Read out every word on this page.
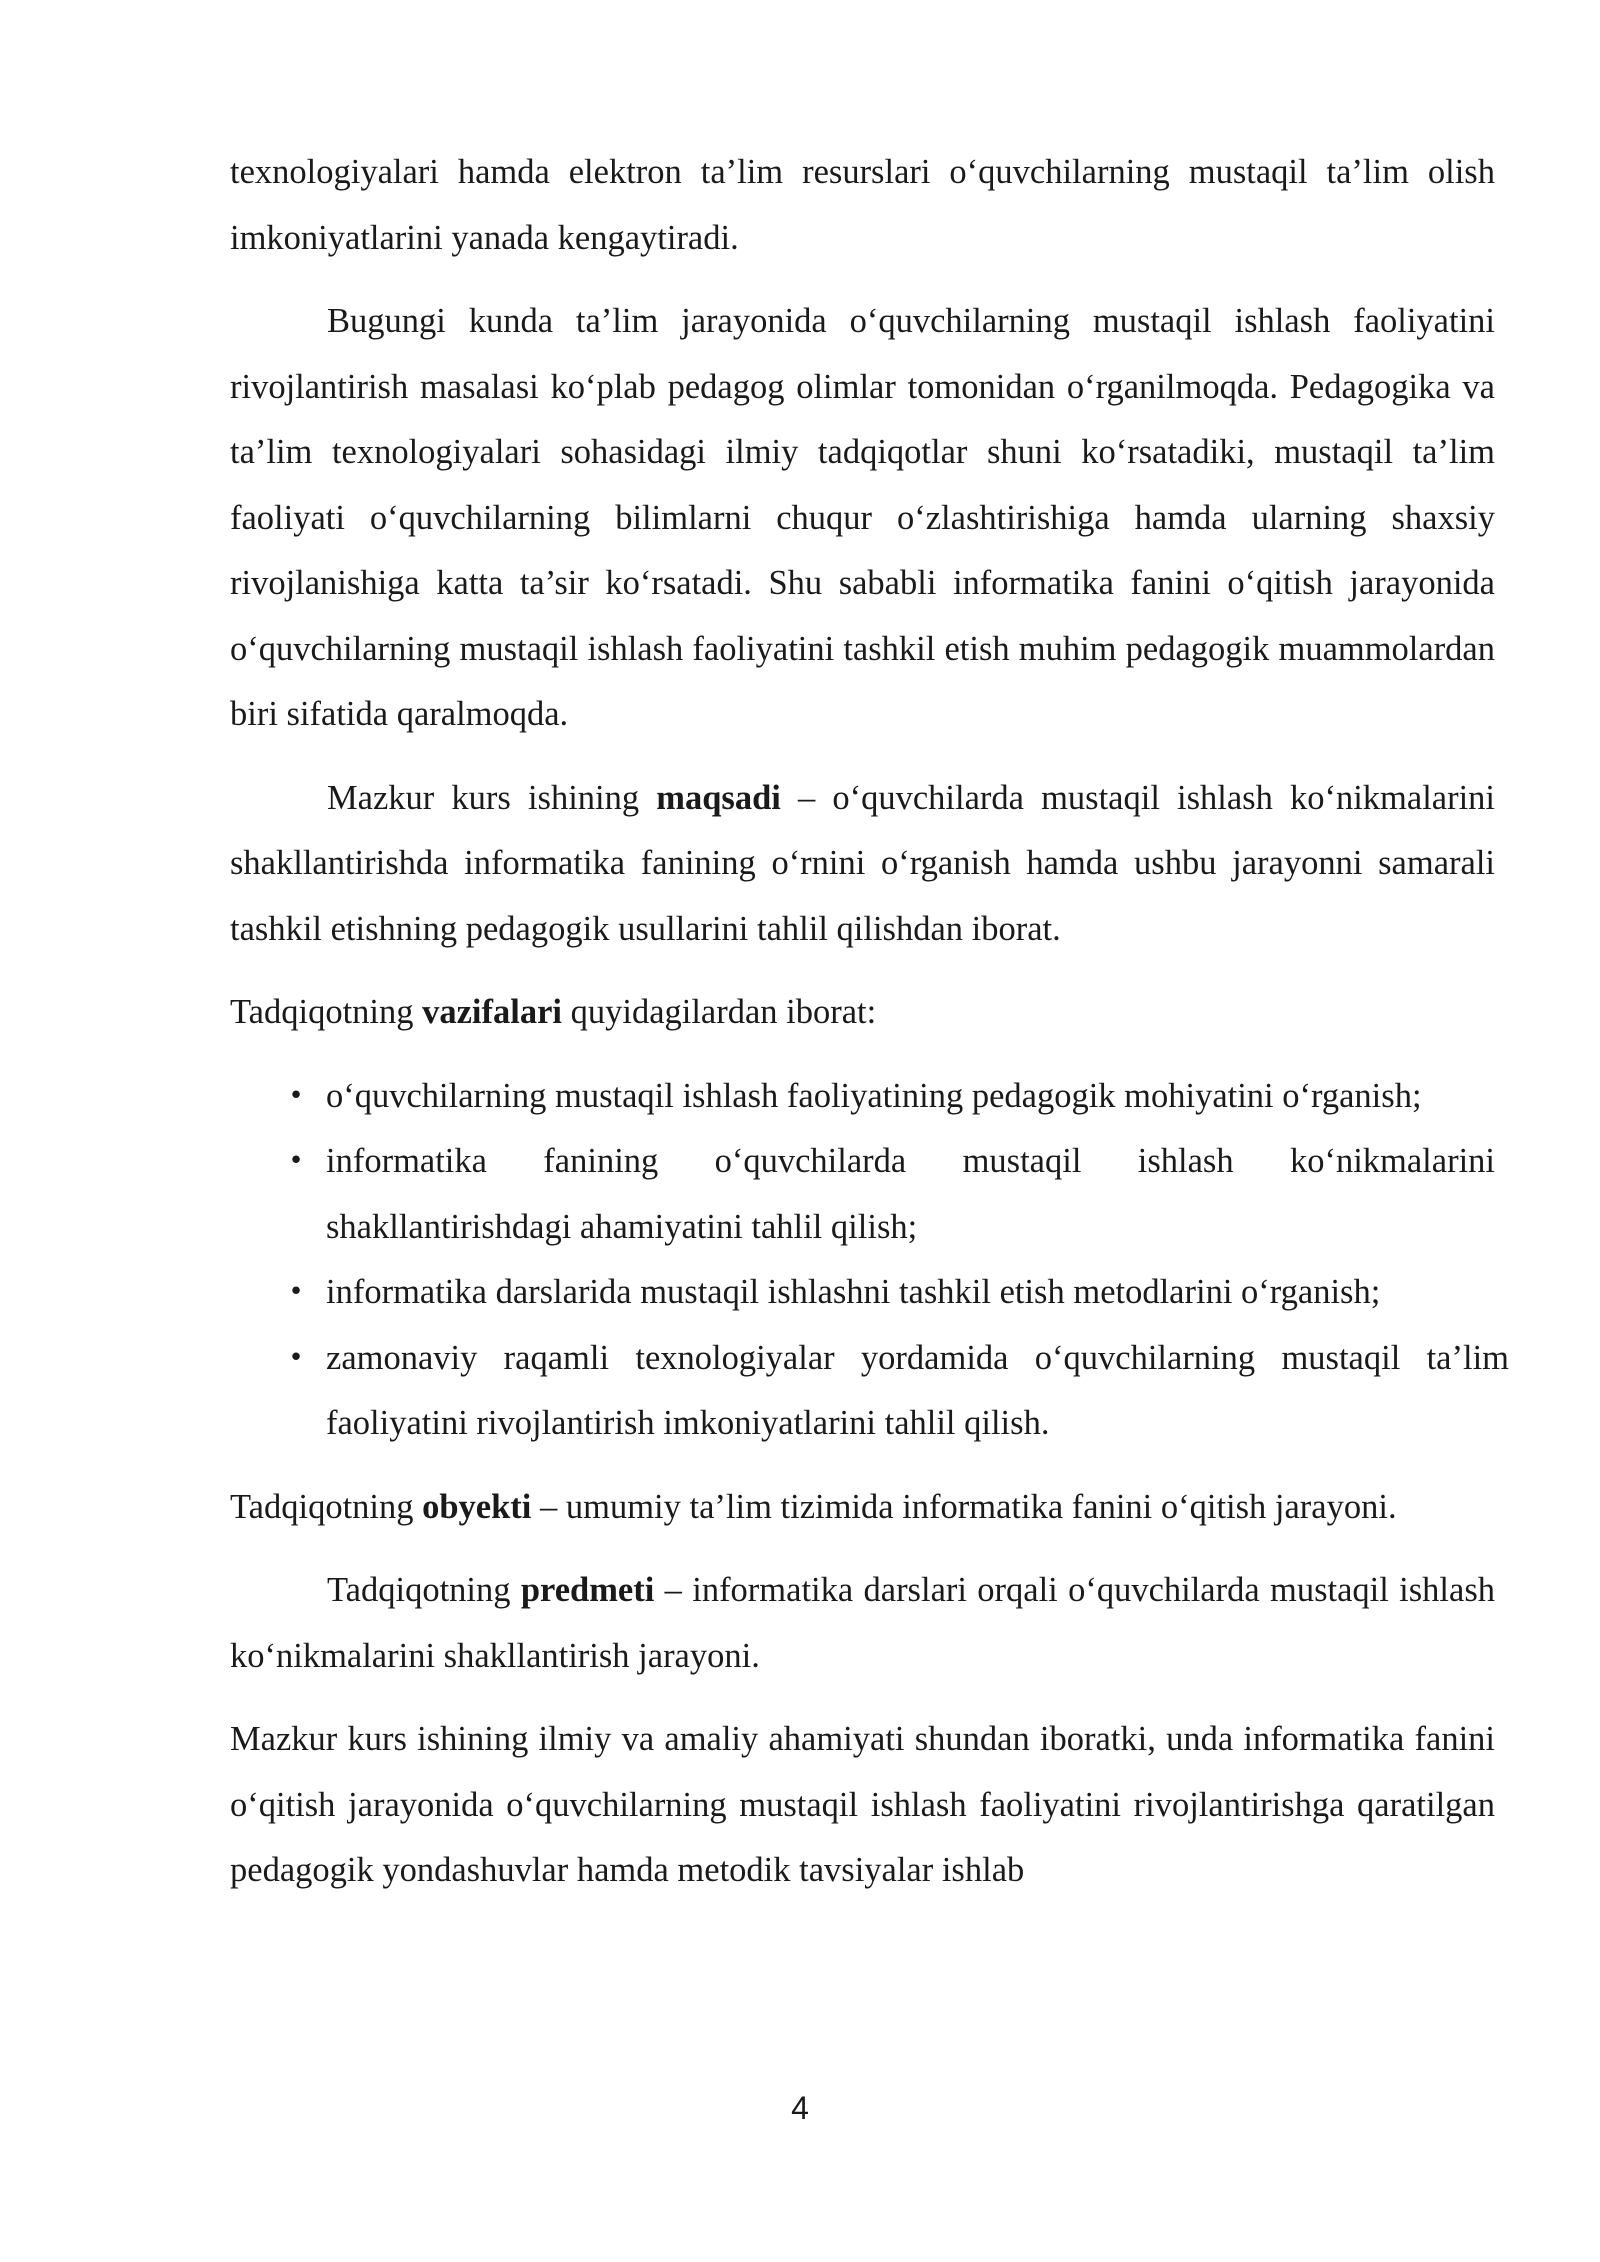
texnologiyalari hamda elektron ta’lim resurslari o‘quvchilarning mustaqil ta’lim olish imkoniyatlarini yanada kengaytiradi.

Bugungi kunda ta’lim jarayonida o‘quvchilarning mustaqil ishlash faoliyatini rivojlantirish masalasi ko‘plab pedagog olimlar tomonidan o‘rganilmoqda. Pedagogika va ta’lim texnologiyalari sohasidagi ilmiy tadqiqotlar shuni ko‘rsatadiki, mustaqil ta’lim faoliyati o‘quvchilarning bilimlarni chuqur o‘zlashtirishiga hamda ularning shaxsiy rivojlanishiga katta ta’sir ko‘rsatadi. Shu sababli informatika fanini o‘qitish jarayonida o‘quvchilarning mustaqil ishlash faoliyatini tashkil etish muhim pedagogik muammolardan biri sifatida qaralmoqda.

Mazkur kurs ishining maqsadi – o‘quvchilarda mustaqil ishlash ko‘nikmalarini shakllantirishda informatika fanining o‘rnini o‘rganish hamda ushbu jarayonni samarali tashkil etishning pedagogik usullarini tahlil qilishdan iborat.

Tadqiqotning vazifalari quyidagilardan iborat:

• o‘quvchilarning mustaqil ishlash faoliyatining pedagogik mohiyatini o‘rganish;
• informatika fanining o‘quvchilarda mustaqil ishlash ko‘nikmalarini shakllantirishdagi ahamiyatini tahlil qilish;
• informatika darslarida mustaqil ishlashni tashkil etish metodlarini o‘rganish;
• zamonaviy raqamli texnologiyalar yordamida o‘quvchilarning mustaqil ta’lim faoliyatini rivojlantirish imkoniyatlarini tahlil qilish.

Tadqiqotning obyekti – umumiy ta’lim tizimida informatika fanini o‘qitish jarayoni.

Tadqiqotning predmeti – informatika darslari orqali o‘quvchilarda mustaqil ishlash ko‘nikmalarini shakllantirish jarayoni.

Mazkur kurs ishining ilmiy va amaliy ahamiyati shundan iboratki, unda informatika fanini o‘qitish jarayonida o‘quvchilarning mustaqil ishlash faoliyatini rivojlantirishga qaratilgan pedagogik yondashuvlar hamda metodik tavsiyalar ishlab

4
